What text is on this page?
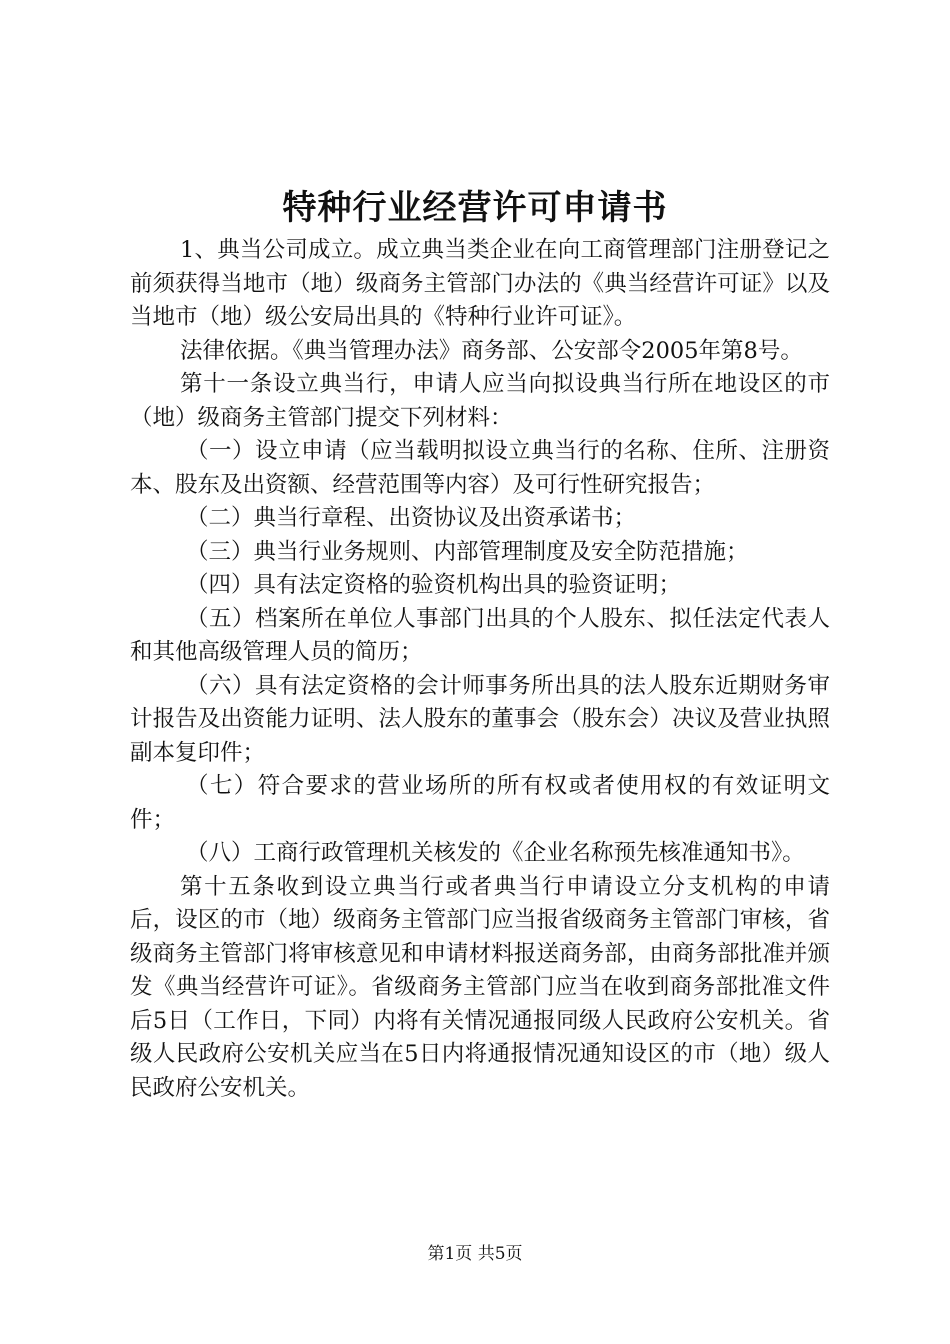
特种行业经营许可申请书

1、典当公司成立。成立典当类企业在向工商管理部门注册登记之前须获得当地市（地）级商务主管部门办法的《典当经营许可证》以及当地市（地）级公安局出具的《特种行业许可证》。

法律依据。《典当管理办法》商务部、公安部令2005年第8号。

第十一条设立典当行，申请人应当向拟设典当行所在地设区的市（地）级商务主管部门提交下列材料：

（一）设立申请（应当载明拟设立典当行的名称、住所、注册资本、股东及出资额、经营范围等内容）及可行性研究报告；

（二）典当行章程、出资协议及出资承诺书；

（三）典当行业务规则、内部管理制度及安全防范措施；

（四）具有法定资格的验资机构出具的验资证明；

（五）档案所在单位人事部门出具的个人股东、拟任法定代表人和其他高级管理人员的简历；

（六）具有法定资格的会计师事务所出具的法人股东近期财务审计报告及出资能力证明、法人股东的董事会（股东会）决议及营业执照副本复印件；

（七）符合要求的营业场所的所有权或者使用权的有效证明文件；

（八）工商行政管理机关核发的《企业名称预先核准通知书》。

第十五条收到设立典当行或者典当行申请设立分支机构的申请后，设区的市（地）级商务主管部门应当报省级商务主管部门审核，省级商务主管部门将审核意见和申请材料报送商务部，由商务部批准并颁发《典当经营许可证》。省级商务主管部门应当在收到商务部批准文件后5日（工作日，下同）内将有关情况通报同级人民政府公安机关。省级人民政府公安机关应当在5日内将通报情况通知设区的市（地）级人民政府公安机关。

第1页 共5页
